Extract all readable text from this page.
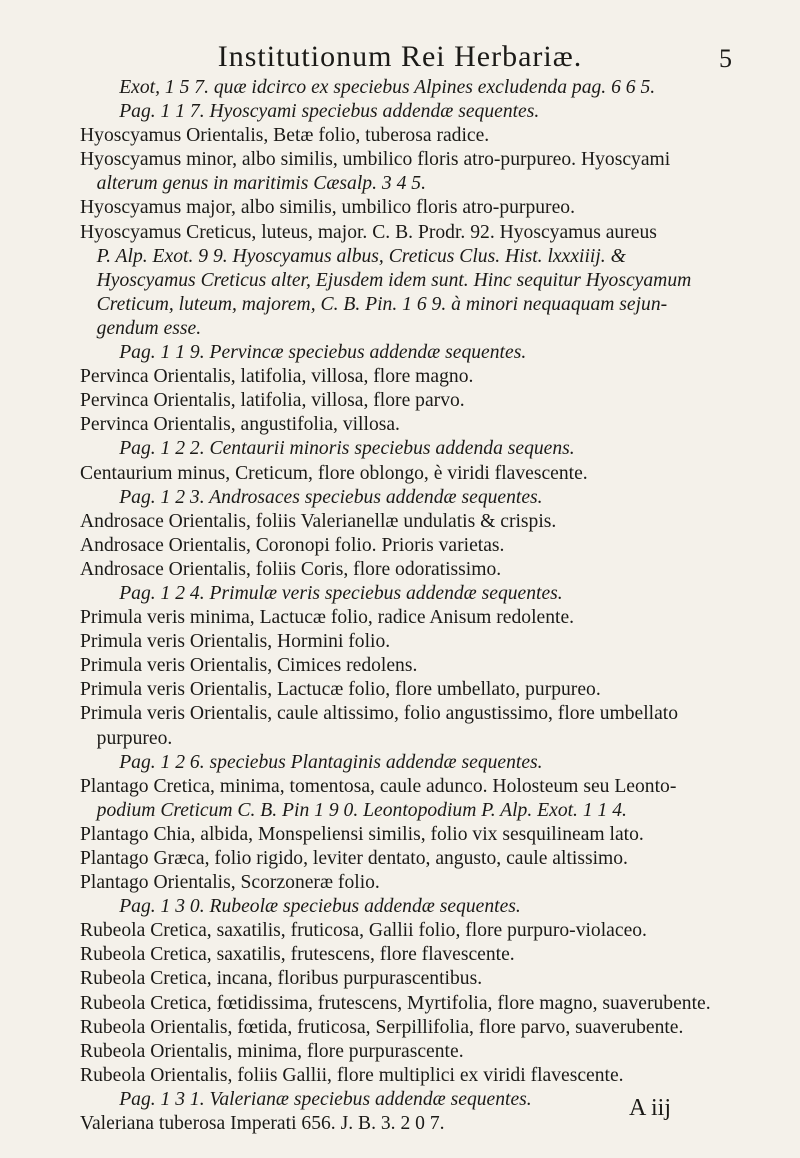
Institutionum Rei Herbariæ.	5
Exot, 1 5 7. quæ idcirco ex speciebus Alpines excludenda pag. 6 6 5.
Pag. 1 1 7. Hyoscyami speciebus addendæ sequentes.
Hyoscyamus Orientalis, Betæ folio, tuberosa radice.
Hyoscyamus minor, albo similis, umbilico floris atro-purpureo. Hyoscyami
alterum genus in maritimis Cæsalp. 3 4 5.
Hyoscyamus major, albo similis, umbilico floris atro-purpureo.
Hyoscyamus Creticus, luteus, major. C. B. Prodr. 92. Hyoscyamus aureus
P. Alp. Exot. 9 9. Hyoscyamus albus, Creticus Clus. Hist. lxxxiiij. &
Hyoscyamus Creticus alter, Ejusdem idem sunt. Hinc sequitur Hyoscyamum
Creticum, luteum, majorem, C. B. Pin. 1 6 9. à minori nequaquam sejun-
gendum esse.
Pag. 1 1 9. Pervincæ speciebus addendæ sequentes.
Pervinca Orientalis, latifolia, villosa, flore magno.
Pervinca Orientalis, latifolia, villosa, flore parvo.
Pervinca Orientalis, angustifolia, villosa.
Pag. 1 2 2. Centaurii minoris speciebus addenda sequens.
Centaurium minus, Creticum, flore oblongo, è viridi flavescente.
Pag. 1 2 3. Androsaces speciebus addendæ sequentes.
Androsace Orientalis, foliis Valerianellæ undulatis & crispis.
Androsace Orientalis, Coronopi folio. Prioris varietas.
Androsace Orientalis, foliis Coris, flore odoratissimo.
Pag. 1 2 4. Primulæ veris speciebus addendæ sequentes.
Primula veris minima, Lactucæ folio, radice Anisum redolente.
Primula veris Orientalis, Hormini folio.
Primula veris Orientalis, Cimices redolens.
Primula veris Orientalis, Lactucæ folio, flore umbellato, purpureo.
Primula veris Orientalis, caule altissimo, folio angustissimo, flore umbellato
purpureo.
Pag. 1 2 6. speciebus Plantaginis addendæ sequentes.
Plantago Cretica, minima, tomentosa, caule adunco. Holosteum seu Leonto-
podium Creticum C. B. Pin 1 9 0. Leontopodium P. Alp. Exot. 1 1 4.
Plantago Chia, albida, Monspeliensi similis, folio vix sesquilineam lato.
Plantago Græca, folio rigido, leviter dentato, angusto, caule altissimo.
Plantago Orientalis, Scorzoneræ folio.
Pag. 1 3 0. Rubeolæ speciebus addendæ sequentes.
Rubeola Cretica, saxatilis, fruticosa, Gallii folio, flore purpuro-violaceo.
Rubeola Cretica, saxatilis, frutescens, flore flavescente.
Rubeola Cretica, incana, floribus purpurascentibus.
Rubeola Cretica, fœtidissima, frutescens, Myrtifolia, flore magno, suaverubente.
Rubeola Orientalis, fœtida, fruticosa, Serpillifolia, flore parvo, suaverubente.
Rubeola Orientalis, minima, flore purpurascente.
Rubeola Orientalis, foliis Gallii, flore multiplici ex viridi flavescente.
Pag. 1 3 1. Valerianæ speciebus addendæ sequentes.
Valeriana tuberosa Imperati 656. J. B. 3. 2 0 7.
A iij
